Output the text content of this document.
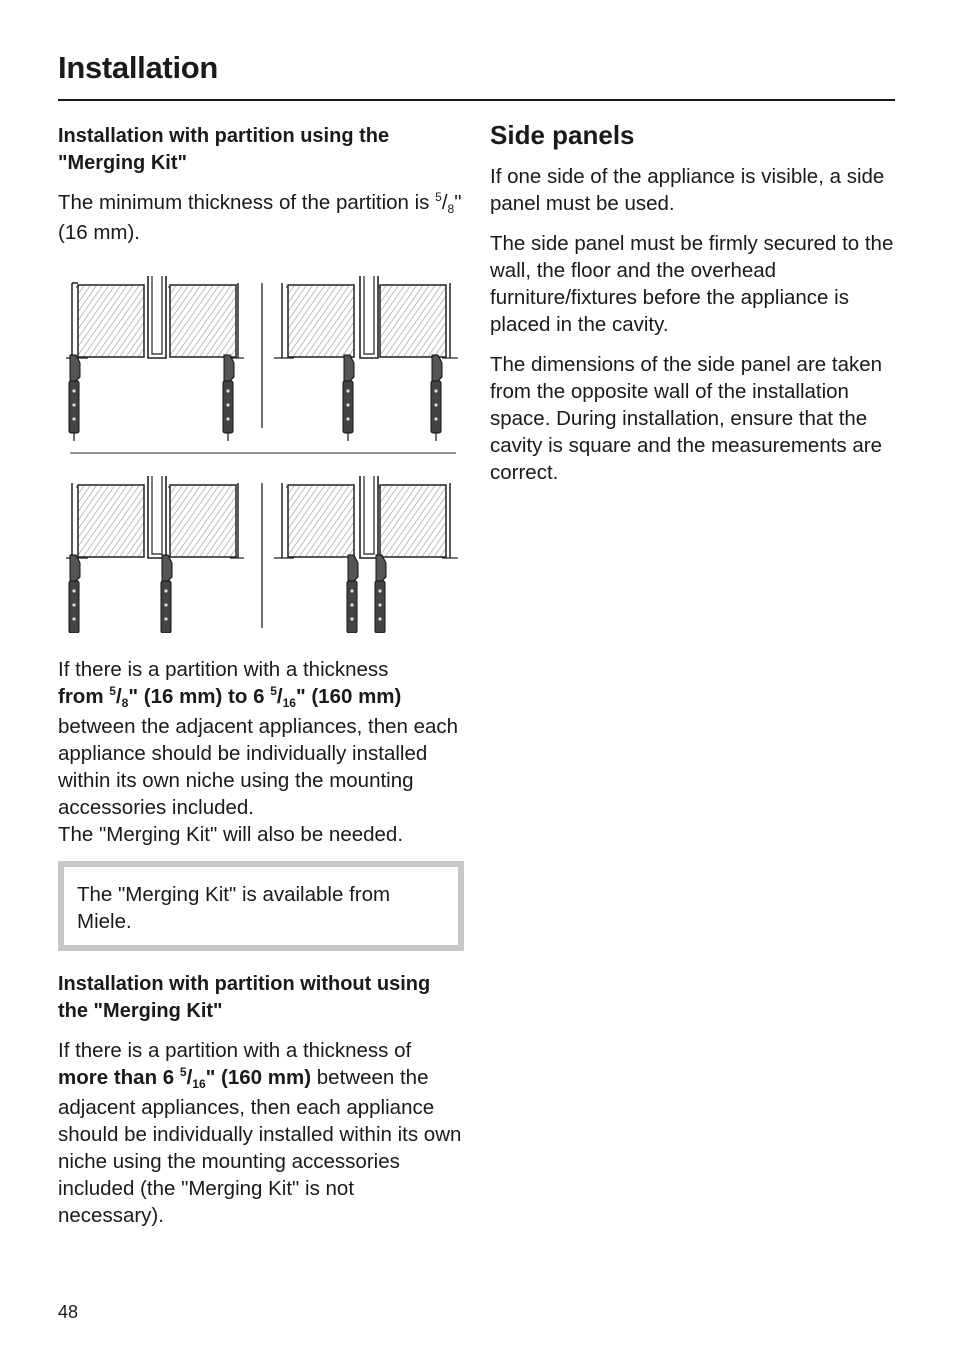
Installation
Installation with partition using the "Merging Kit"

The minimum thickness of the partition is $^5/_8$" (16 mm).

If there is a partition with a thickness
from $^5/_8$" (16 mm) to 6 $^5/_{16}$" (160 mm)
between the adjacent appliances, then each appliance should be individually installed within its own niche using the mounting accessories included.
The "Merging Kit" will also be needed.

The "Merging Kit" is available from Miele.

Installation with partition without using the "Merging Kit"

If there is a partition with a thickness of
more than 6 $^5/_{16}$" (160 mm) between the adjacent appliances, then each appliance should be individually installed within its own niche using the mounting accessories included (the "Merging Kit" is not necessary).

Side panels

If one side of the appliance is visible, a side panel must be used.

The side panel must be firmly secured to the wall, the floor and the overhead furniture/fixtures before the appliance is placed in the cavity.

The dimensions of the side panel are taken from the opposite wall of the installation space. During installation, ensure that the cavity is square and the measurements are correct.

48
